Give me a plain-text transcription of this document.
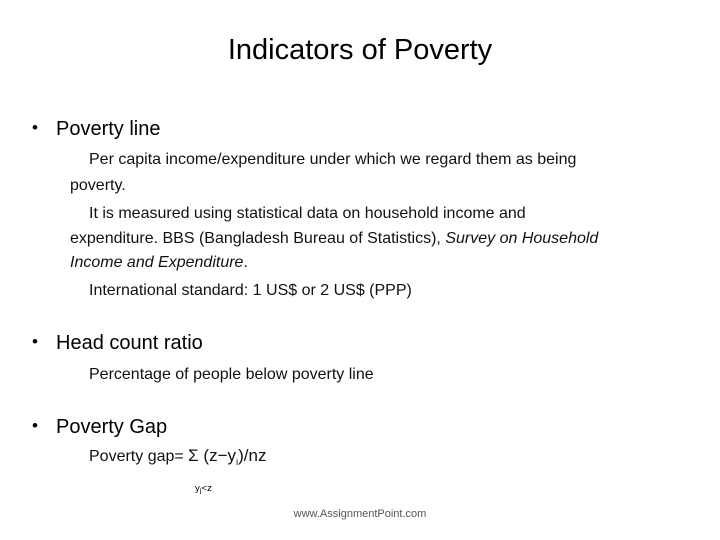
Indicators of Poverty
• Poverty line
Per capita income/expenditure under which we regard them as being
poverty.
It is measured using statistical data on household income and
expenditure. BBS (Bangladesh Bureau of Statistics), Survey on Household
Income and Expenditure.
International standard: 1 US$ or 2 US$ (PPP)
• Head count ratio
Percentage of people below poverty line
• Poverty Gap
Poverty gap= Σ $(z-y_i)/nz$
$y_i<z$
www.AssignmentPoint.com
